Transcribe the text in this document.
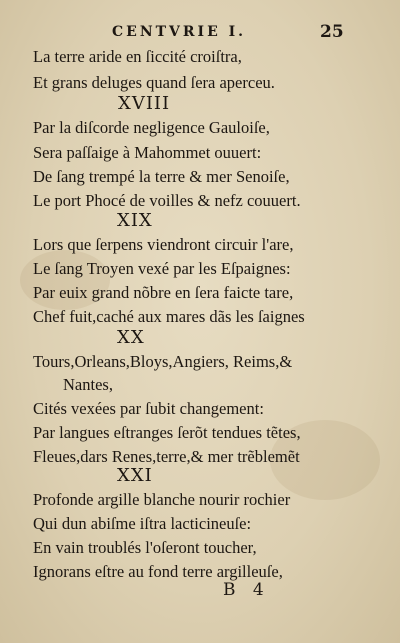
CENTVRIE I.	25
La terre aride en ſiccité croiſtra,
Et grans deluges quand ſera aperceu.
XVIII
Par la diſcorde negligence Gauloiſe,
Sera paſſaige à Mahommet ouuert:
De ſang trempé la terre & mer Senoiſe,
Le port Phocé de voilles & nefz couuert.
XIX
Lors que ſerpens viendront circuir l'are,
Le ſang Troyen vexé par les Eſpaignes:
Par euix grand nõbre en ſera faicte tare,
Chef fuit,caché aux mares dãs les ſaignes
XX
Tours,Orleans,Bloys,Angiers, Reims,&
Nantes,
Cités vexées par ſubit changement:
Par langues eſtranges ſerõt tendues tẽtes,
Fleues,dars Renes,terre,& mer trẽblemẽt
XXI
Profonde argille blanche nourir rochier
Qui dun abiſme iſtra lacticineuſe:
En vain troublés l'oſeront toucher,
Ignorans eſtre au fond terre argilleuſe,
B 4
